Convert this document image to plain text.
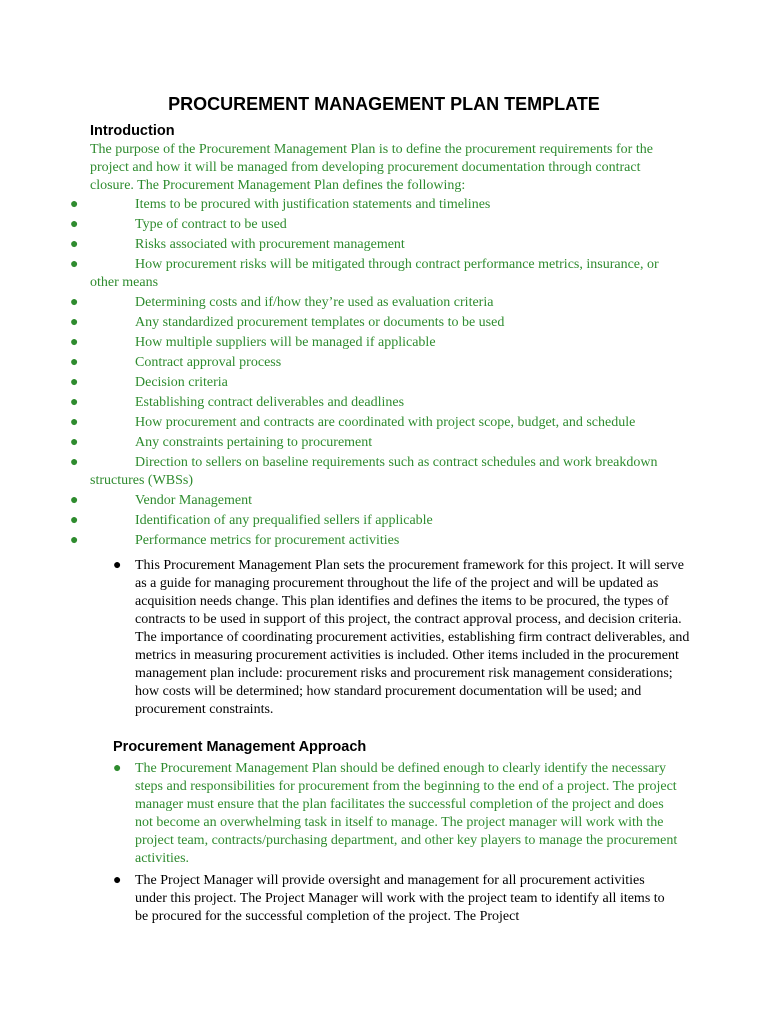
PROCUREMENT MANAGEMENT PLAN TEMPLATE
Introduction
The purpose of the Procurement Management Plan is to define the procurement requirements for the project and how it will be managed from developing procurement documentation through contract closure. The Procurement Management Plan defines the following:
●	Items to be procured with justification statements and timelines
●	Type of contract to be used
●	Risks associated with procurement management
●	How procurement risks will be mitigated through contract performance metrics, insurance, or other means
●	Determining costs and if/how they’re used as evaluation criteria
●	Any standardized procurement templates or documents to be used
●	How multiple suppliers will be managed if applicable
●	Contract approval process
●	Decision criteria
●	Establishing contract deliverables and deadlines
●	How procurement and contracts are coordinated with project scope, budget, and schedule
●	Any constraints pertaining to procurement
●	Direction to sellers on baseline requirements such as contract schedules and work breakdown structures (WBSs)
●	Vendor Management
●	Identification of any prequalified sellers if applicable
●	Performance metrics for procurement activities
● This Procurement Management Plan sets the procurement framework for this project. It will serve as a guide for managing procurement throughout the life of the project and will be updated as acquisition needs change. This plan identifies and defines the items to be procured, the types of contracts to be used in support of this project, the contract approval process, and decision criteria. The importance of coordinating procurement activities, establishing firm contract deliverables, and metrics in measuring procurement activities is included. Other items included in the procurement management plan include: procurement risks and procurement risk management considerations; how costs will be determined; how standard procurement documentation will be used; and procurement constraints.
Procurement Management Approach
● The Procurement Management Plan should be defined enough to clearly identify the necessary steps and responsibilities for procurement from the beginning to the end of a project. The project manager must ensure that the plan facilitates the successful completion of the project and does not become an overwhelming task in itself to manage. The project manager will work with the project team, contracts/purchasing department, and other key players to manage the procurement activities.
● The Project Manager will provide oversight and management for all procurement activities under this project. The Project Manager will work with the project team to identify all items to be procured for the successful completion of the project. The Project
